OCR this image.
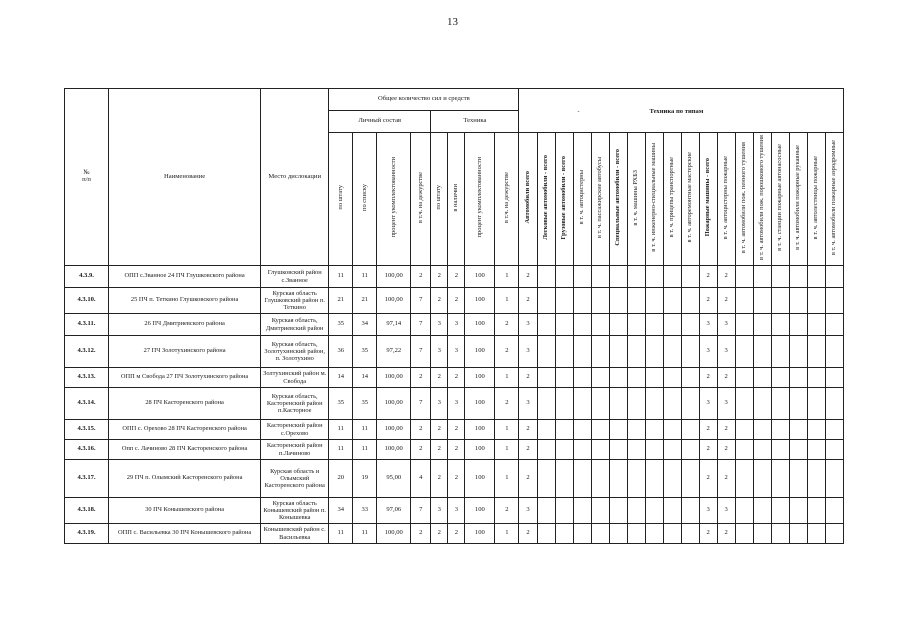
13
№
п/п	Наименование	Место дислокации	Общее количество сил и средств								- Техника по типам																	

			Личный состав				Техника																					
			по штату	по списку	процент укомплектованности	в т.ч. на дежурстве	по штату	в наличии	процент укомплектованности	в т.ч. на дежурстве	Автомобили всего	Легковые автомобили - всего	Грузовые автомобили - всего	в т. ч. автоцистерны	в т. ч. пассажирские автобусы	Специальные автомобили - всего	в т. ч. машины РХБЗ	в т. ч. инженерно-специальные машины	в т. ч. прицепы транспортные	в т. ч. авторемонтные мастерские	Пожарные машины - всего	в т. ч. автоцистерны пожарные	в т. ч. автомобили пож. пенного тушения	в т. ч. автомобили пож. порошкового тушения	в т. ч. станции пожарные автонасосные	в т. ч. автомобили пожарные рукавные	в т. ч. автолестницы пожарные	в т. ч. автомобили пожарные аэродромные
4.3.9.	ОПП с.Званное 24 ПЧ Глушковского района	Глушковский район с.Званное	11	11	100,00	2	2	2	100	1	2										2	2						
4.3.10.	25 ПЧ п. Теткино Глушковского района	Курская область Глушковский район п. Теткино	21	21	100,00	7	2	2	100	1	2										2	2						
4.3.11.	26 ПЧ Дмитриевского района	Курская область, Дмитриевский район	35	34	97,14	7	3	3	100	2	3										3	3						
4.3.12.	27 ПЧ Золотухинского района	Курская область, Золотухинский район, п. Золотухино	36	35	97,22	7	3	3	100	2	3										3	3						
4.3.13.	ОПП м Свобода 27 ПЧ Золотухинского района	Золтухинский район м. Свобода	14	14	100,00	2	2	2	100	1	2										2	2						
4.3.14.	28 ПЧ Касторенского района	Курская область, Касторенский район п.Касторное	35	35	100,00	7	3	3	100	2	3										3	3						
4.3.15.	ОПП с. Орехово 28 ПЧ Касторенского района	Касторенский район с.Орехово	11	11	100,00	2	2	2	100	1	2										2	2						
4.3.16.	Опп с. Лачиново 28 ПЧ Касторенского района	Касторенский район п.Лачиново	11	11	100,00	2	2	2	100	1	2										2	2						
4.3.17.	29 ПЧ п. Олымский Касторенского района	Курская область и Олымский Касторенского района	20	19	95,00	4	2	2	100	1	2										2	2						
4.3.18.	30 ПЧ Конышевского района	Курская область Конышевский район п. Конышевка	34	33	97,06	7	3	3	100	2	3										3	3						
4.3.19.	ОПП с. Васильевка 30 ПЧ Конышевского района	Конышевский район с. Васильевка	11	11	100,00	2	2	2	100	1	2										2	2						
